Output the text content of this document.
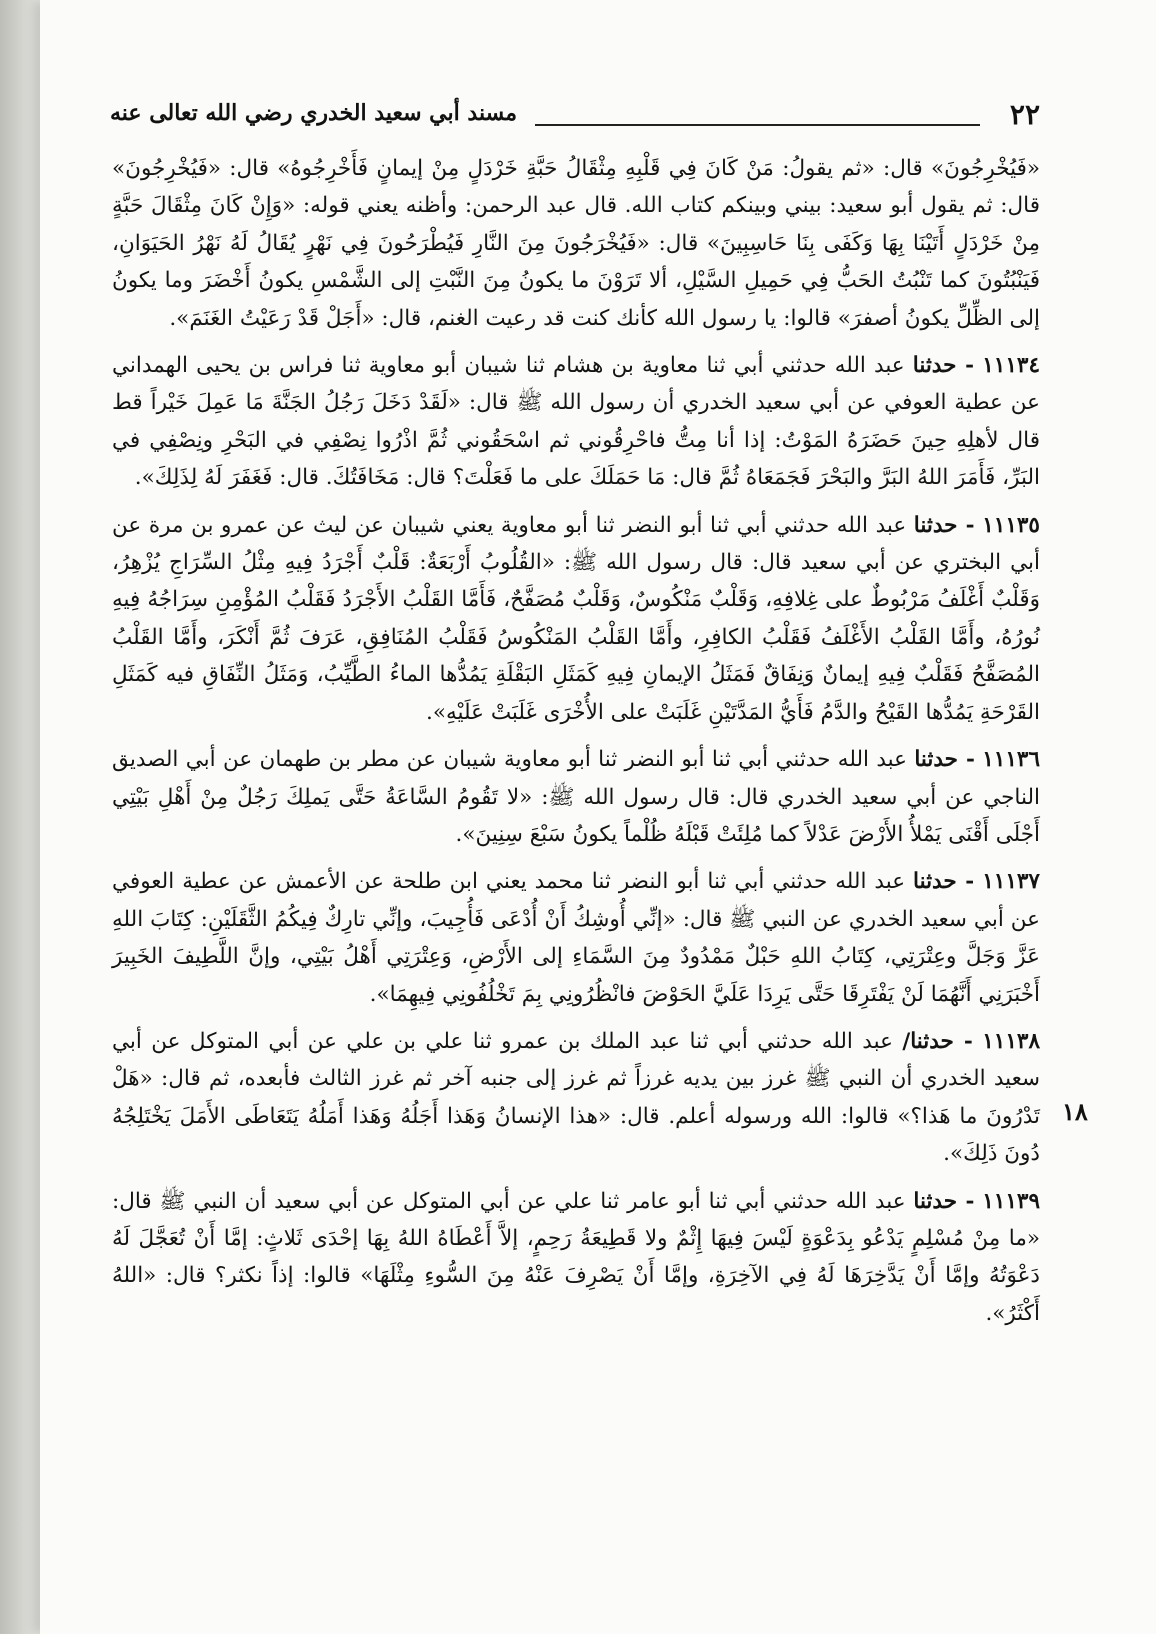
٢٢
مسند أبي سعيد الخدري رضي الله تعالى عنه
١٨

«فَيُخْرِجُونَ» قال: «ثم يقولُ: مَنْ كَانَ فِي قَلْبِهِ مِثْقَالُ حَبَّةِ خَرْدَلٍ مِنْ إيمانٍ فَأَخْرِجُوهُ» قال: «فَيُخْرِجُونَ» قال: ثم يقول أبو سعيد: بيني وبينكم كتاب الله. قال عبد الرحمن: وأظنه يعني قوله: «وَإِنْ كَانَ مِثْقَالَ حَبَّةٍ مِنْ خَرْدَلٍ أَتَيْنَا بِهَا وَكَفَى بِنَا حَاسِبِينَ» قال: «فَيُخْرَجُونَ مِنَ النَّارِ فَيُطْرَحُونَ فِي نَهْرٍ يُقَالُ لَهُ نَهْرُ الحَيَوَانِ، فَيَنْبُتُونَ كما تَنْبُتُ الحَبُّ فِي حَمِيلِ السَّيْلِ، ألا تَرَوْنَ ما يكونُ مِنَ النَّبْتِ إلى الشَّمْسِ يكونُ أَخْضَرَ وما يكونُ إلى الظِّلِّ يكونُ أصفرَ» قالوا: يا رسول الله كأنك كنت قد رعيت الغنم، قال: «أَجَلْ قَدْ رَعَيْتُ الغَنَمَ».

١١١٣٤ - حدثنا عبد الله حدثني أبي ثنا معاوية بن هشام ثنا شيبان أبو معاوية ثنا فراس بن يحيى الهمداني عن عطية العوفي عن أبي سعيد الخدري أن رسول الله ﷺ قال: «لَقَدْ دَخَلَ رَجُلُ الجَنَّةَ مَا عَمِلَ خَيْراً قط قال لأهلِهِ حِينَ حَضَرَهُ المَوْتُ: إذا أنا مِتُّ فاحْرِقُوني ثم اسْحَقُوني ثُمَّ اذْرُوا نِصْفِي في البَحْرِ ونِصْفِي في البَرِّ، فَأَمَرَ اللهُ البَرَّ والبَحْرَ فَجَمَعَاهُ ثُمَّ قال: مَا حَمَلَكَ على ما فَعَلْتَ؟ قال: مَخَافَتُكَ. قال: فَغَفَرَ لَهُ لِذَلِكَ».

١١١٣٥ - حدثنا عبد الله حدثني أبي ثنا أبو النضر ثنا أبو معاوية يعني شيبان عن ليث عن عمرو بن مرة عن أبي البختري عن أبي سعيد قال: قال رسول الله ﷺ: «القُلُوبُ أَرْبَعَةٌ: قَلْبٌ أَجْرَدُ فِيهِ مِثْلُ السِّرَاجِ يُزْهِرُ، وَقَلْبٌ أَغْلَفُ مَرْبُوطٌ على غِلافِهِ، وَقَلْبٌ مَنْكُوسٌ، وَقَلْبٌ مُصَفَّحٌ، فَأَمَّا القَلْبُ الأَجْرَدُ فَقَلْبُ المُؤْمِنِ سِرَاجُهُ فِيهِ نُورُهُ، وأَمَّا القَلْبُ الأَغْلَفُ فَقَلْبُ الكافِرِ، وأَمَّا القَلْبُ المَنْكُوسُ فَقَلْبُ المُنَافِقِ، عَرَفَ ثُمَّ أَنْكَرَ، وأَمَّا القَلْبُ المُصَفَّحُ فَقَلْبٌ فِيهِ إيمانٌ وَنِفَاقٌ فَمَثَلُ الإيمانِ فِيهِ كَمَثَلِ البَقْلَةِ يَمُدُّها الماءُ الطَّيِّبُ، وَمَثَلُ النِّفَاقِ فيه كَمَثَلِ القَرْحَةِ يَمُدُّها القَيْحُ والدَّمُ فَأَيُّ المَدَّتَيْنِ غَلَبَتْ على الأُخْرَى غَلَبَتْ عَلَيْهِ».

١١١٣٦ - حدثنا عبد الله حدثني أبي ثنا أبو النضر ثنا أبو معاوية شيبان عن مطر بن طهمان عن أبي الصديق الناجي عن أبي سعيد الخدري قال: قال رسول الله ﷺ: «لا تَقُومُ السَّاعَةُ حَتَّى يَملِكَ رَجُلٌ مِنْ أَهْلِ بَيْتِي أَجْلَى أَقْنَى يَمْلأُ الأَرْضَ عَدْلاً كما مُلِئَتْ قَبْلَهُ ظُلْماً يكونُ سَبْعَ سِنِينَ».

١١١٣٧ - حدثنا عبد الله حدثني أبي ثنا أبو النضر ثنا محمد يعني ابن طلحة عن الأعمش عن عطية العوفي عن أبي سعيد الخدري عن النبي ﷺ قال: «إنِّي أُوشِكُ أَنْ أُدْعَى فَأُجِيبَ، وإنِّي تارِكٌ فِيكُمُ الثَّقَلَيْنِ: كِتَابَ اللهِ عَزَّ وَجَلَّ وعِتْرَتِي، كِتَابُ اللهِ حَبْلٌ مَمْدُودٌ مِنَ السَّمَاءِ إلى الأَرْضِ، وَعِتْرَتِي أَهْلُ بَيْتِي، وإنَّ اللَّطِيفَ الخَبِيرَ أَخْبَرَنِي أَنَّهُمَا لَنْ يَفْتَرِقَا حَتَّى يَرِدَا عَلَيَّ الحَوْضَ فانْظُرُونِي بِمَ تَخْلُفُونِي فِيهِمَا».

١١١٣٨ - حدثنا/ عبد الله حدثني أبي ثنا عبد الملك بن عمرو ثنا علي بن علي عن أبي المتوكل عن أبي سعيد الخدري أن النبي ﷺ غرز بين يديه غرزاً ثم غرز إلى جنبه آخر ثم غرز الثالث فأبعده، ثم قال: «هَلْ تَدْرُونَ ما هَذا؟» قالوا: الله ورسوله أعلم. قال: «هذا الإنسانُ وَهَذا أَجَلُهُ وَهَذا أَمَلُهُ يَتَعَاطَى الأَمَلَ يَخْتَلِجُهُ دُونَ ذَلِكَ».

١١١٣٩ - حدثنا عبد الله حدثني أبي ثنا أبو عامر ثنا علي عن أبي المتوكل عن أبي سعيد أن النبي ﷺ قال: «ما مِنْ مُسْلِمٍ يَدْعُو بِدَعْوَةٍ لَيْسَ فِيهَا إِثْمٌ ولا قَطِيعَةُ رَحِمٍ، إلاَّ أَعْطَاهُ اللهُ بِهَا إحْدَى ثَلاثٍ: إمَّا أَنْ تُعَجَّلَ لَهُ دَعْوَتُهُ وإمَّا أَنْ يَدَّخِرَهَا لَهُ فِي الآخِرَةِ، وإمَّا أَنْ يَصْرِفَ عَنْهُ مِنَ السُّوءِ مِثْلَهَا» قالوا: إذاً نكثر؟ قال: «اللهُ أَكْثَرُ».
